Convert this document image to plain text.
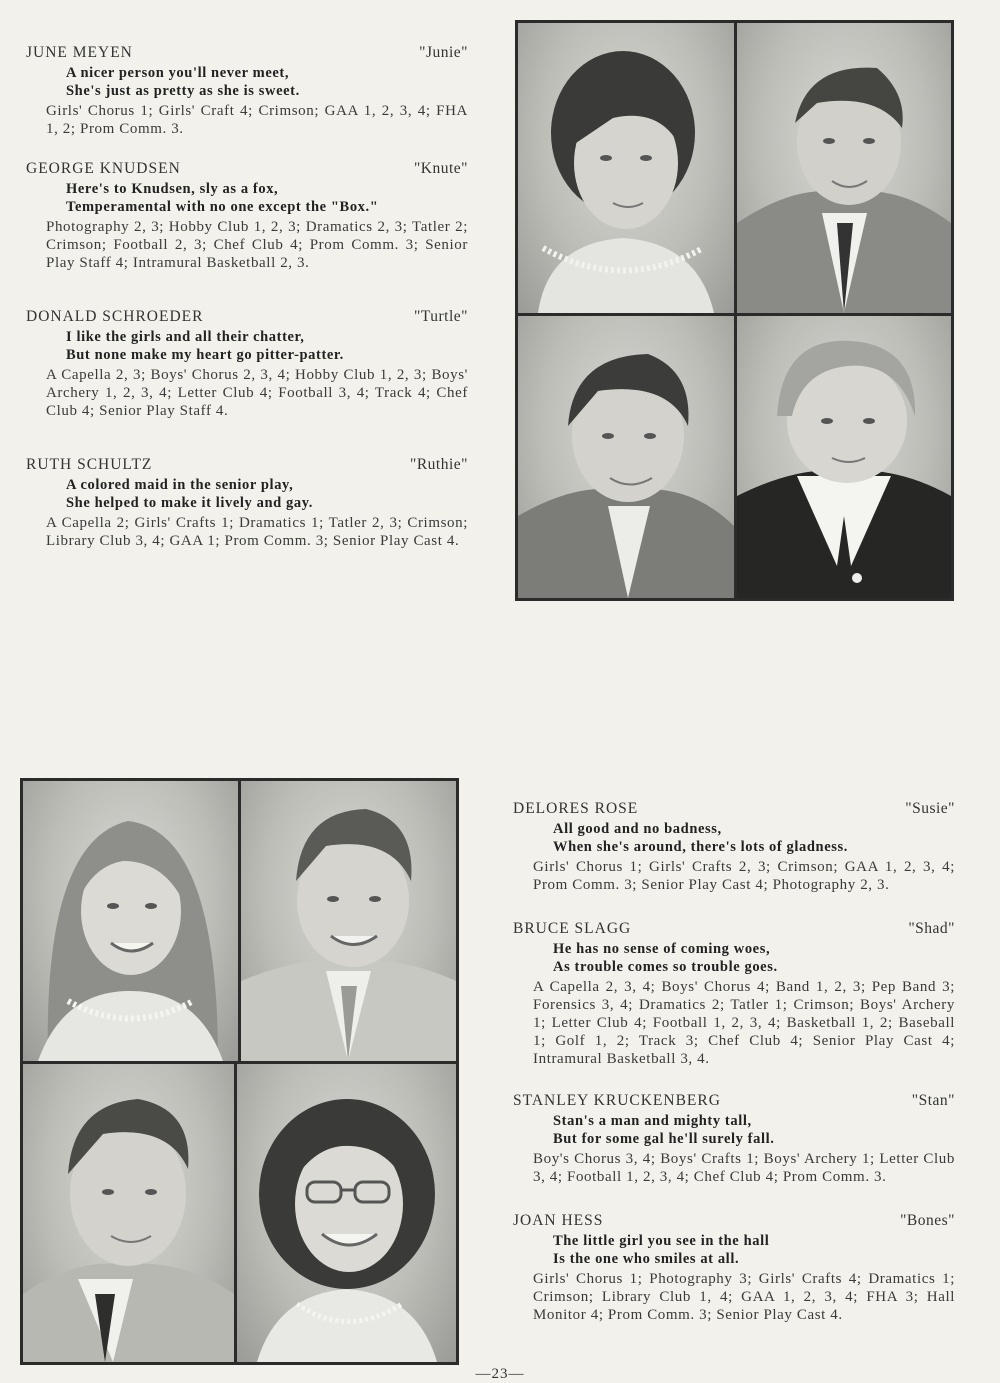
JUNE MEYEN	"Junie"
A nicer person you'll never meet,
She's just as pretty as she is sweet.
Girls' Chorus 1; Girls' Craft 4; Crimson; GAA 1, 2, 3, 4; FHA 1, 2; Prom Comm. 3.
GEORGE KNUDSEN	"Knute"
Here's to Knudsen, sly as a fox,
Temperamental with no one except the "Box."
Photography 2, 3; Hobby Club 1, 2, 3; Dramatics 2, 3; Tatler 2; Crimson; Football 2, 3; Chef Club 4; Prom Comm. 3; Senior Play Staff 4; Intramural Basketball 2, 3.
DONALD SCHROEDER	"Turtle"
I like the girls and all their chatter,
But none make my heart go pitter-patter.
A Capella 2, 3; Boys' Chorus 2, 3, 4; Hobby Club 1, 2, 3; Boys' Archery 1, 2, 3, 4; Letter Club 4; Football 3, 4; Track 4; Chef Club 4; Senior Play Staff 4.
RUTH SCHULTZ	"Ruthie"
A colored maid in the senior play,
She helped to make it lively and gay.
A Capella 2; Girls' Crafts 1; Dramatics 1; Tatler 2, 3; Crimson; Library Club 3, 4; GAA 1; Prom Comm. 3; Senior Play Cast 4.
DELORES ROSE	"Susie"
All good and no badness,
When she's around, there's lots of gladness.
Girls' Chorus 1; Girls' Crafts 2, 3; Crimson; GAA 1, 2, 3, 4; Prom Comm. 3; Senior Play Cast 4; Photography 2, 3.
BRUCE SLAGG	"Shad"
He has no sense of coming woes,
As trouble comes so trouble goes.
A Capella 2, 3, 4; Boys' Chorus 4; Band 1, 2, 3; Pep Band 3; Forensics 3, 4; Dramatics 2; Tatler 1; Crimson; Boys' Archery 1; Letter Club 4; Football 1, 2, 3, 4; Basketball 1, 2; Baseball 1; Golf 1, 2; Track 3; Chef Club 4; Senior Play Cast 4; Intramural Basketball 3, 4.
STANLEY KRUCKENBERG	"Stan"
Stan's a man and mighty tall,
But for some gal he'll surely fall.
Boy's Chorus 3, 4; Boys' Crafts 1; Boys' Archery 1; Letter Club 3, 4; Football 1, 2, 3, 4; Chef Club 4; Prom Comm. 3.
JOAN HESS	"Bones"
The little girl you see in the hall
Is the one who smiles at all.
Girls' Chorus 1; Photography 3; Girls' Crafts 4; Dramatics 1; Crimson; Library Club 1, 4; GAA 1, 2, 3, 4; FHA 3; Hall Monitor 4; Prom Comm. 3; Senior Play Cast 4.
—23—
